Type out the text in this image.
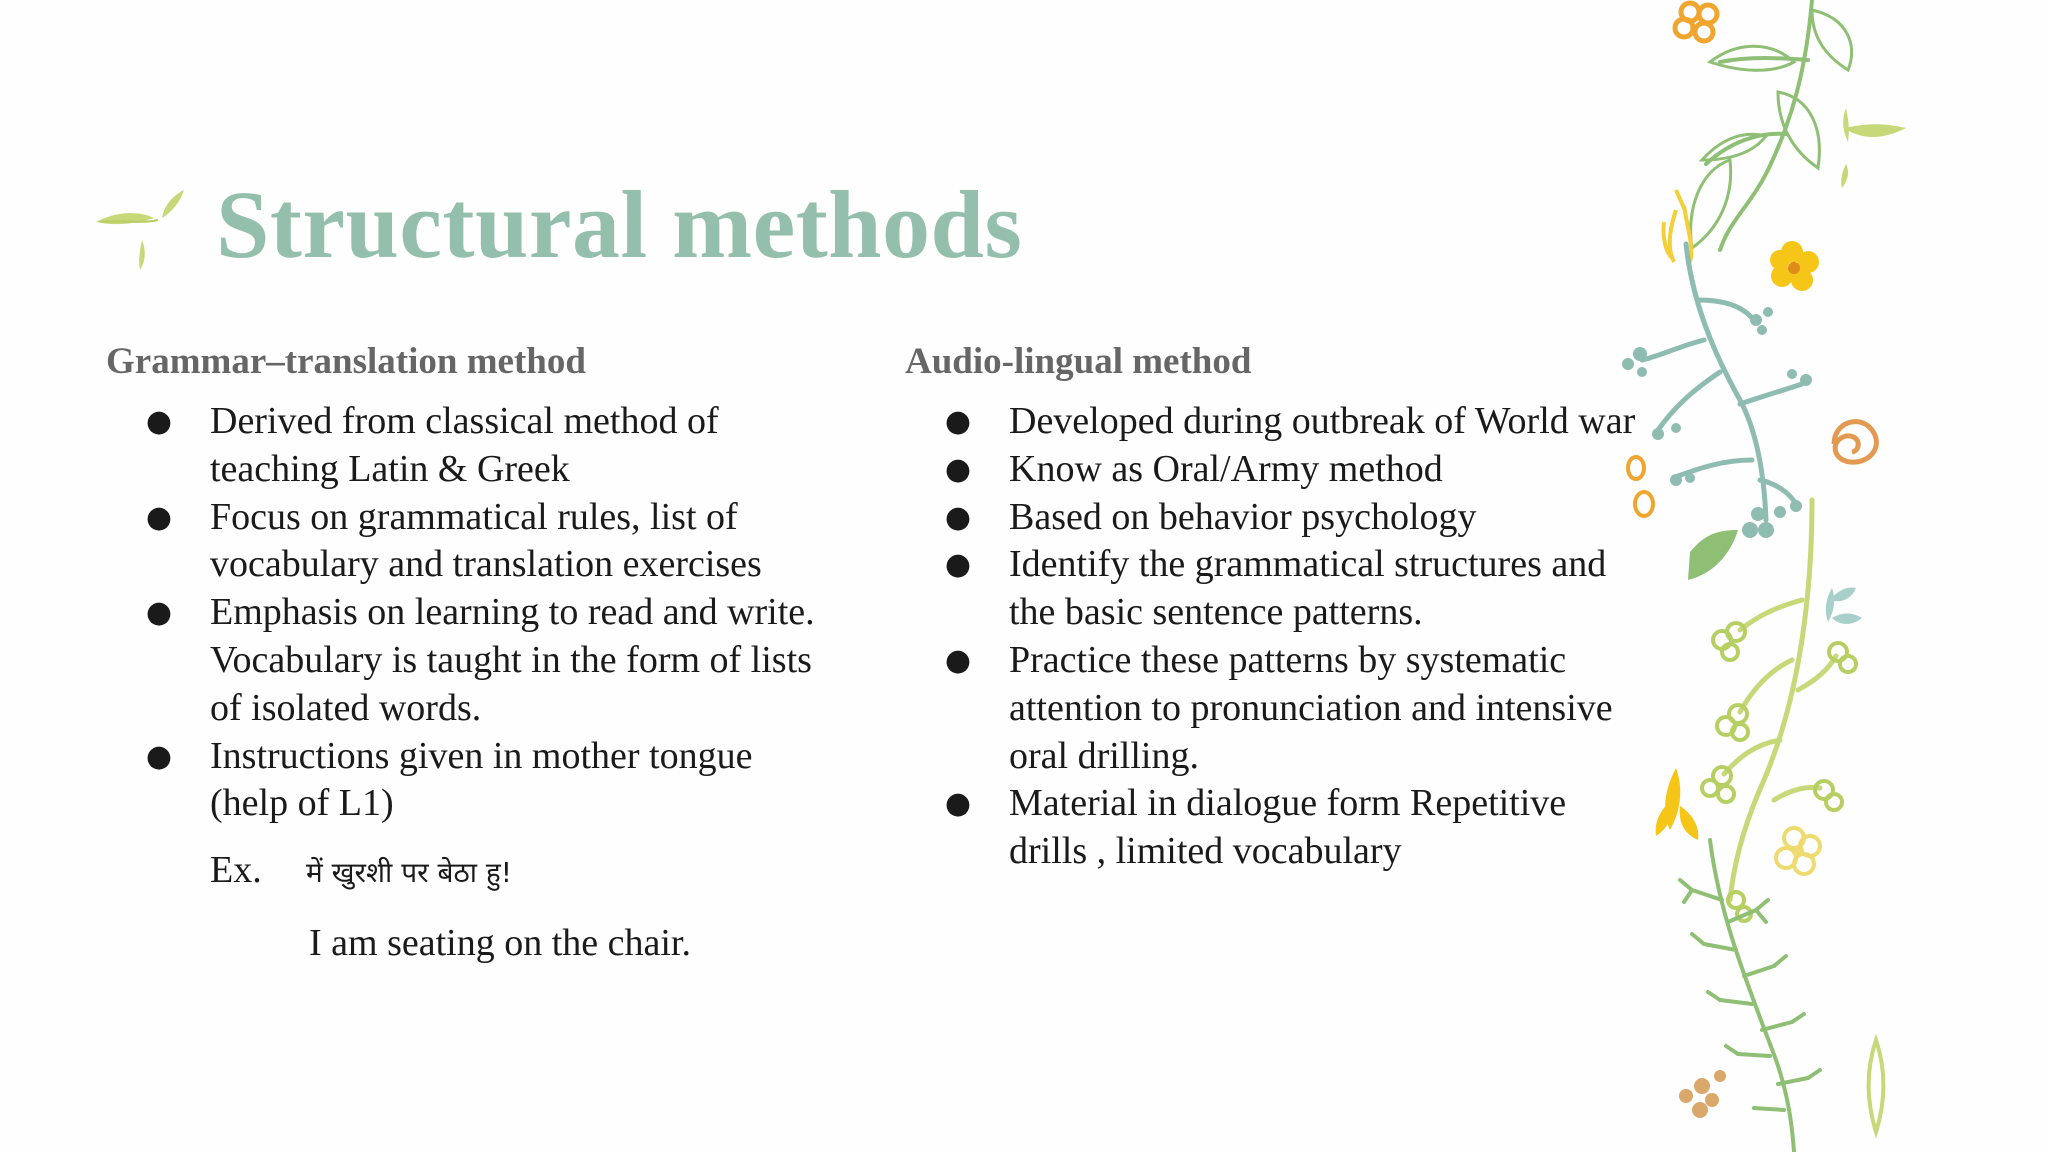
Structural methods
Grammar–translation method
● Derived from classical method of teaching Latin & Greek
● Focus on grammatical rules, list of vocabulary and translation exercises
● Emphasis on learning to read and write. Vocabulary is taught in the form of lists of isolated words.
● Instructions given in mother tongue (help of L1)
Ex. में खुरशी पर बेठा हु!
I am seating on the chair.
Audio-lingual method
● Developed during outbreak of World war
● Know as Oral/Army method
● Based on behavior psychology
● Identify the grammatical structures and the basic sentence patterns.
● Practice these patterns by systematic attention to pronunciation and intensive oral drilling.
● Material in dialogue form Repetitive drills , limited vocabulary
